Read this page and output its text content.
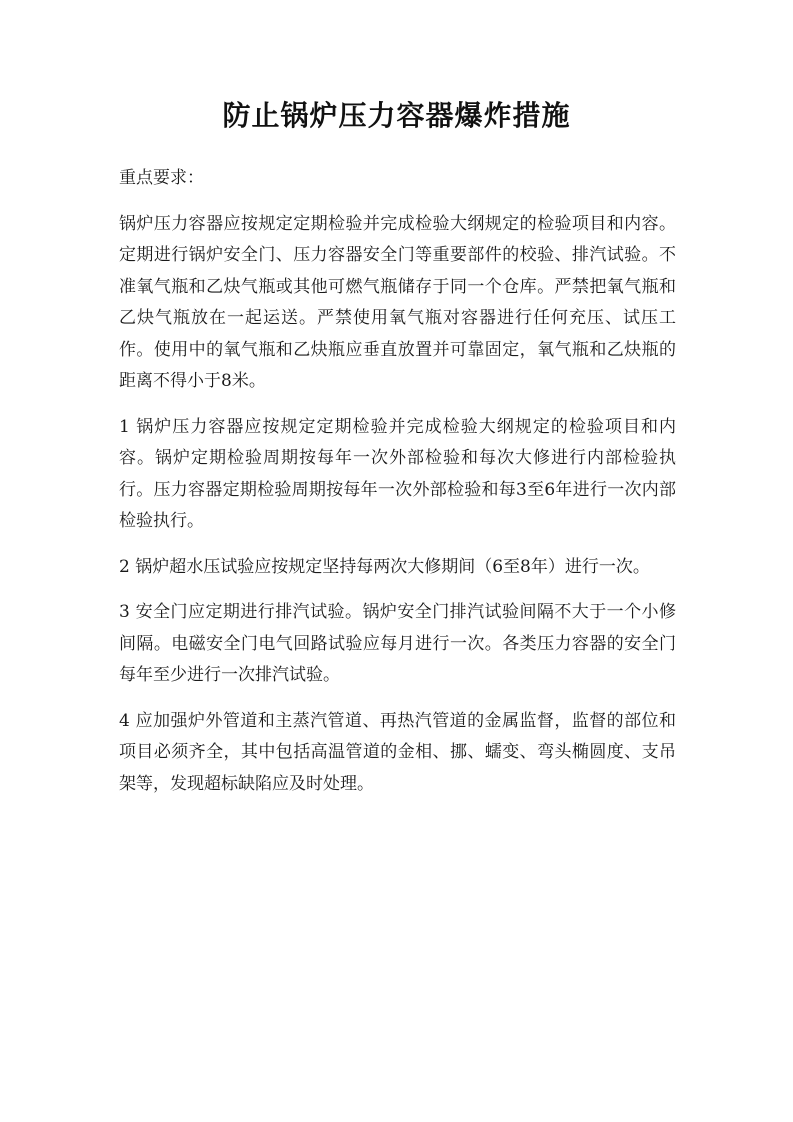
防止锅炉压力容器爆炸措施

重点要求：

锅炉压力容器应按规定定期检验并完成检验大纲规定的检验项目和内容。定期进行锅炉安全门、压力容器安全门等重要部件的校验、排汽试验。不准氧气瓶和乙炔气瓶或其他可燃气瓶储存于同一个仓库。严禁把氧气瓶和乙炔气瓶放在一起运送。严禁使用氧气瓶对容器进行任何充压、试压工作。使用中的氧气瓶和乙炔瓶应垂直放置并可靠固定，氧气瓶和乙炔瓶的距离不得小于8米。

1 锅炉压力容器应按规定定期检验并完成检验大纲规定的检验项目和内容。锅炉定期检验周期按每年一次外部检验和每次大修进行内部检验执行。压力容器定期检验周期按每年一次外部检验和每3至6年进行一次内部检验执行。

2 锅炉超水压试验应按规定坚持每两次大修期间（6至8年）进行一次。

3 安全门应定期进行排汽试验。锅炉安全门排汽试验间隔不大于一个小修间隔。电磁安全门电气回路试验应每月进行一次。各类压力容器的安全门每年至少进行一次排汽试验。

4 应加强炉外管道和主蒸汽管道、再热汽管道的金属监督，监督的部位和项目必须齐全，其中包括高温管道的金相、挪、蠕变、弯头椭圆度、支吊架等，发现超标缺陷应及时处理。
